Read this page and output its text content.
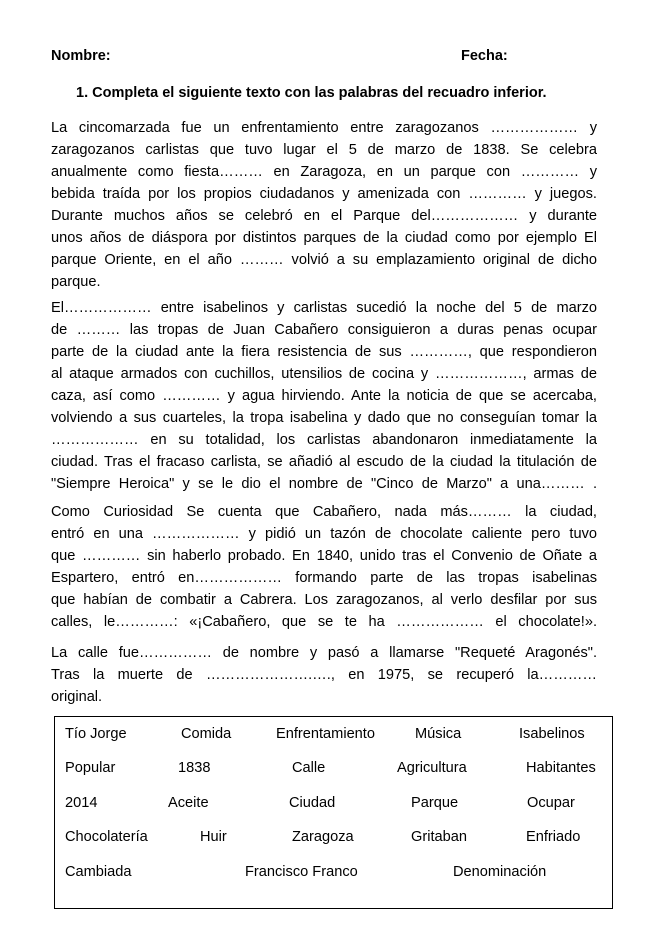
Nombre:	Fecha:
1. Completa el siguiente texto con las palabras del recuadro inferior.
La cincomarzada fue un enfrentamiento entre zaragozanos ……………… y
zaragozanos carlistas que tuvo lugar el 5 de marzo de 1838. Se celebra
anualmente como fiesta……… en Zaragoza, en un parque con ………… y
bebida traída por los propios ciudadanos y amenizada con ………… y juegos.
Durante muchos años se celebró en el Parque del……………… y durante
unos años de diáspora por distintos parques de la ciudad como por ejemplo El
parque Oriente, en el año ……… volvió a su emplazamiento original de dicho
parque.
El……………… entre isabelinos y carlistas sucedió la noche del 5 de marzo
de ……… las tropas de Juan Cabañero consiguieron a duras penas ocupar
parte de la ciudad ante la fiera resistencia de sus …………, que respondieron
al ataque armados con cuchillos, utensilios de cocina y ………………, armas de
caza, así como ………… y agua hirviendo. Ante la noticia de que se acercaba,
volviendo a sus cuarteles, la tropa isabelina y dado que no conseguían tomar la
……………… en su totalidad, los carlistas abandonaron inmediatamente la
ciudad. Tras el fracaso carlista, se añadió al escudo de la ciudad la titulación de
"Siempre Heroica" y se le dio el nombre de "Cinco de Marzo" a una……… .
Como Curiosidad Se cuenta que Cabañero, nada más……… la ciudad,
entró en una ……………… y pidió un tazón de chocolate caliente pero tuvo
que ………… sin haberlo probado. En 1840, unido tras el Convenio de Oñate a
Espartero, entró en……………… formando parte de las tropas isabelinas
que habían de combatir a Cabrera. Los zaragozanos, al verlo desfilar por sus
calles, le…………: «¡Cabañero, que se te ha ……………… el chocolate!».
La calle fue…………… de nombre y pasó a llamarse "Requeté Aragonés".
Tras la muerte de ………………….…., en 1975, se recuperó la…………
original.
Tío Jorge	Comida	Enfrentamiento	Música	Isabelinos
Popular	1838	Calle	Agricultura	Habitantes
2014	Aceite	Ciudad	Parque	Ocupar
Chocolatería	Huir	Zaragoza	Gritaban	Enfriado
Cambiada	Francisco Franco	Denominación
